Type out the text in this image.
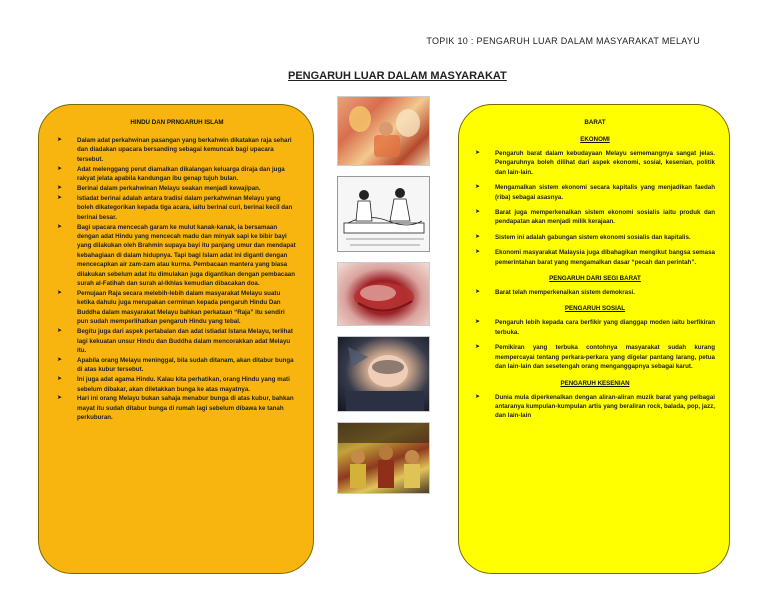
TOPIK 10 : PENGARUH LUAR DALAM MASYARAKAT MELAYU
PENGARUH LUAR DALAM MASYARAKAT
HINDU DAN PRNGARUH ISLAM
➤ Dalam adat perkahwinan pasangan yang berkahwin dikatakan raja sehari dan diadakan upacara bersanding sebagai kemuncak bagi upacara tersebut.
➤ Adat melenggang perut diamalkan dikalangan keluarga diraja dan juga rakyat jelata apabila kandungan ibu genap tujuh bulan.
➤ Berinai dalam perkahwinan Melayu seakan menjadi kewajipan.
➤ Istiadat berinai adalah antara tradisi dalam perkahwinan Melayu yang boleh dikategorikan kepada tiga acara, iaitu berinai curi, berinai kecil dan berinai besar.
➤ Bagi upacara mencecah garam ke mulut kanak-kanak, ia bersamaan dengan adat Hindu yang mencecah madu dan minyak sapi ke bibir bayi yang dilakukan oleh Brahmin supaya bayi itu panjang umur dan mendapat kebahagiaan di dalam hidupnya. Tapi bagi Islam adat ini diganti dengan mencecapkan air zam-zam atau kurma. Pembacaan mantera yang biasa dilakukan sebelum adat itu dimulakan juga digantikan dengan pembacaan surah al-Fatihah dan surah al-Ikhlas kemudian dibacakan doa.
➤ Pemujaan Raja secara melebih-lebih dalam masyarakat Melayu suatu ketika dahulu juga merupakan cerminan kepada pengaruh Hindu Dan Buddha dalam masyarakat Melayu bahkan perkataan “Raja” itu sendiri pun sudah memperlihatkan pengaruh Hindu yang tebal.
➤ Begitu juga dari aspek pertabalan dan adat istiadat Istana Melayu, terlihat lagi kekuatan unsur Hindu dan Buddha dalam mencorakkan adat Melayu itu.
➤ Apabila orang Melayu meninggal, bila sudah ditanam, akan ditabur bunga di atas kubur tersebut.
➤ Ini juga adat agama Hindu. Kalau kita perhatikan, orang Hindu yang mati sebelum dibakar, akan diletakkan bunga ke atas mayatnya.
➤ Hari ini orang Melayu bukan sahaja menabur bunga di atas kubur, bahkan mayat itu sudah ditabur bunga di rumah lagi sebelum dibawa ke tanah perkuburan.
BARAT
EKONOMI
➤ Pengaruh barat dalam kebudayaan Melayu sememangnya sangat jelas. Pengaruhnya boleh dilihat dari aspek ekonomi, sosial, kesenian, politik dan lain-lain.
➤ Mengamalkan sistem ekonomi secara kapitalis yang menjadikan faedah (riba) sebagai asasnya.
➤ Barat juga memperkenalkan sistem ekonomi sosialis iaitu produk dan pendapatan akan menjadi milik kerajaan.
➤ Sistem ini adalah gabungan sistem ekonomi sosialis dan kapitalis.
➤ Ekonomi masyarakat Malaysia juga dibahagikan mengikut bangsa semasa pemerintahan barat yang mengamalkan dasar “pecah dan perintah”.
PENGARUH DARI SEGI BARAT
➤ Barat telah memperkenalkan sistem demokrasi.
PENGARUH SOSIAL
➤ Pengaruh lebih kepada cara berfikir yang dianggap moden iaitu berfikiran terbuka.
➤ Pemikiran yang terbuka contohnya masyarakat sudah kurang mempercayai tentang perkara-perkara yang digelar pantang larang, petua dan lain-lain dan sesetengah orang menganggapnya sebagai karut.
PENGARUH KESENIAN
➤ Dunia mula diperkenalkan dengan aliran-aliran muzik barat yang pelbagai antaranya kumpulan-kumpulan artis yang beraliran rock, balada, pop, jazz, dan lain-lain
